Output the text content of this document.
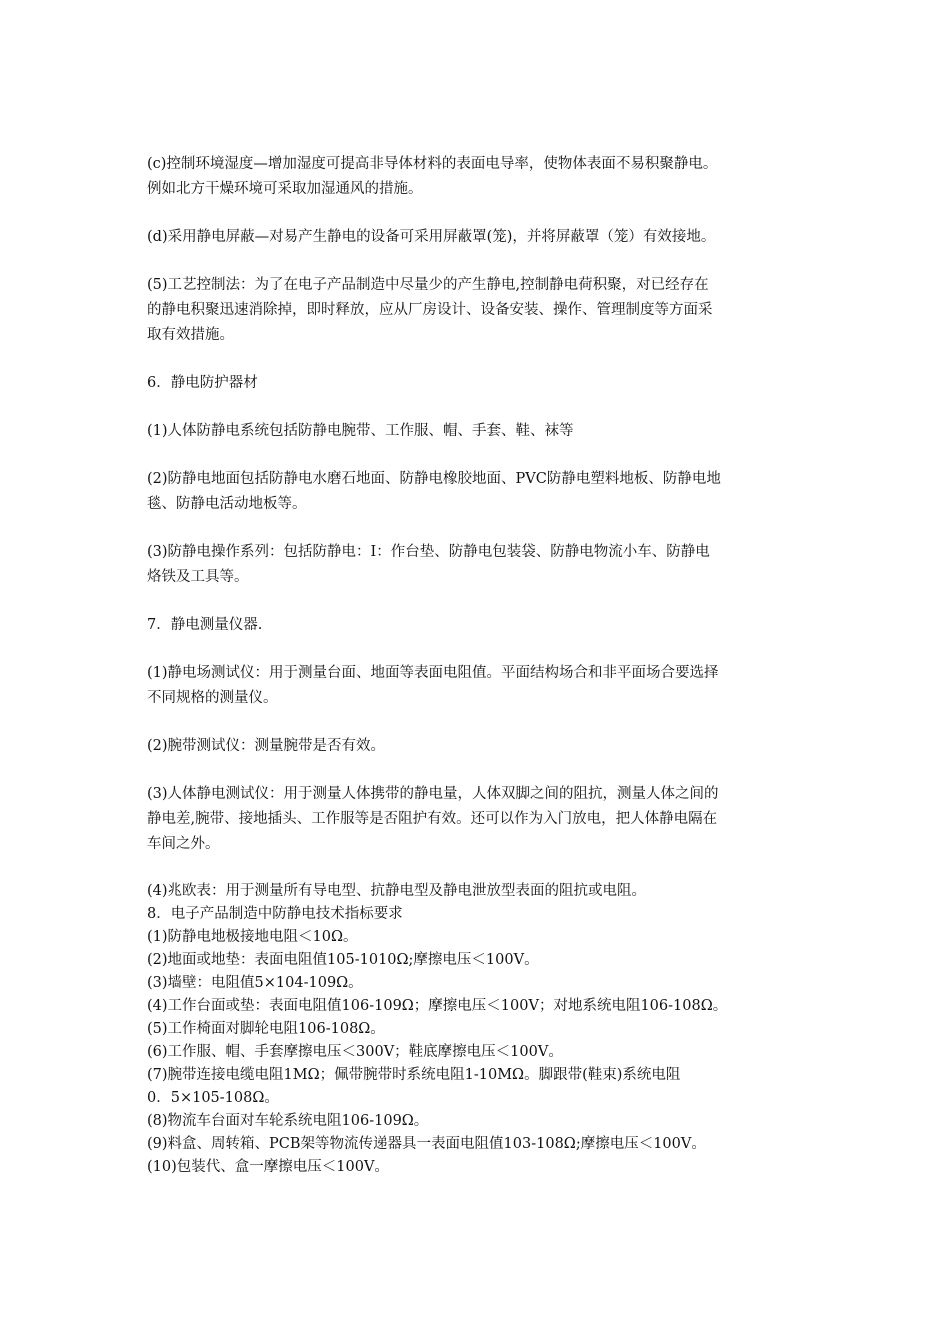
(c)控制环境湿度—增加湿度可提高非导体材料的表面电导率，使物体表面不易积聚静电。
例如北方干燥环境可采取加湿通风的措施。
(d)采用静电屏蔽—对易产生静电的设备可采用屏蔽罩(笼)，并将屏蔽罩（笼）有效接地。
(5)工艺控制法：为了在电子产品制造中尽量少的产生静电,控制静电荷积聚，对已经存在
的静电积聚迅速消除掉，即时释放，应从厂房设计、设备安装、操作、管理制度等方面采
取有效措施。
6．静电防护器材
(1)人体防静电系统包括防静电腕带、工作服、帽、手套、鞋、袜等
(2)防静电地面包括防静电水磨石地面、防静电橡胶地面、PVC防静电塑料地板、防静电地
毯、防静电活动地板等。
(3)防静电操作系列：包括防静电：I：作台垫、防静电包装袋、防静电物流小车、防静电
烙铁及工具等。
7．静电测量仪器.
(1)静电场测试仪：用于测量台面、地面等表面电阻值。平面结构场合和非平面场合要选择
不同规格的测量仪。
(2)腕带测试仪：测量腕带是否有效。
(3)人体静电测试仪：用于测量人体携带的静电量，人体双脚之间的阻抗，测量人体之间的
静电差,腕带、接地插头、工作服等是否阻护有效。还可以作为入门放电，把人体静电隔在
车间之外。
(4)兆欧表：用于测量所有导电型、抗静电型及静电泄放型表面的阻抗或电阻。
8．电子产品制造中防静电技术指标要求
(1)防静电地极接地电阻＜10Ω。
(2)地面或地垫：表面电阻值105-1010Ω;摩擦电压＜100V。
(3)墙壁：电阻值5×104-109Ω。
(4)工作台面或垫：表面电阻值106-109Ω；摩擦电压＜100V；对地系统电阻106-108Ω。
(5)工作椅面对脚轮电阻106-108Ω。
(6)工作服、帽、手套摩擦电压＜300V；鞋底摩擦电压＜100V。
(7)腕带连接电缆电阻1MΩ；佩带腕带时系统电阻1-10MΩ。脚跟带(鞋束)系统电阻
0．5×105-108Ω。
(8)物流车台面对车轮系统电阻106-109Ω。
(9)料盒、周转箱、PCB架等物流传递器具一表面电阻值103-108Ω;摩擦电压＜100V。
(10)包装代、盒一摩擦电压＜100V。
